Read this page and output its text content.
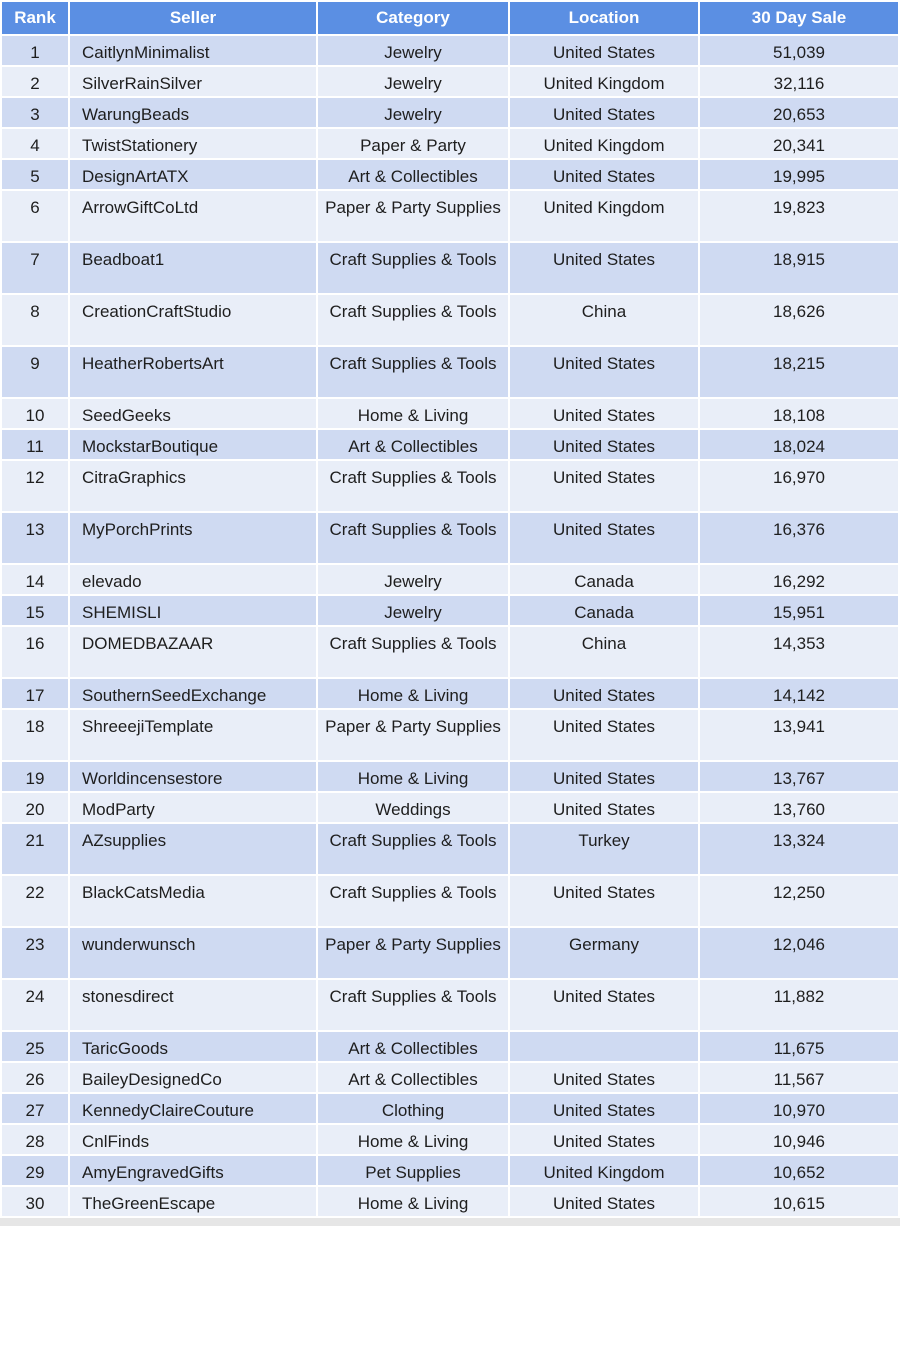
Rank	Seller	Category	Location	30 Day Sale
1	CaitlynMinimalist	Jewelry	United States	51,039
2	SilverRainSilver	Jewelry	United Kingdom	32,116
3	WarungBeads	Jewelry	United States	20,653
4	TwistStationery	Paper & Party	United Kingdom	20,341
5	DesignArtATX	Art & Collectibles	United States	19,995
6	ArrowGiftCoLtd	Paper & Party Supplies	United Kingdom	19,823
7	Beadboat1	Craft Supplies & Tools	United States	18,915
8	CreationCraftStudio	Craft Supplies & Tools	China	18,626
9	HeatherRobertsArt	Craft Supplies & Tools	United States	18,215
10	SeedGeeks	Home & Living	United States	18,108
11	MockstarBoutique	Art & Collectibles	United States	18,024
12	CitraGraphics	Craft Supplies & Tools	United States	16,970
13	MyPorchPrints	Craft Supplies & Tools	United States	16,376
14	elevado	Jewelry	Canada	16,292
15	SHEMISLI	Jewelry	Canada	15,951
16	DOMEDBAZAAR	Craft Supplies & Tools	China	14,353
17	SouthernSeedExchange	Home & Living	United States	14,142
18	ShreeejiTemplate	Paper & Party Supplies	United States	13,941
19	Worldincensestore	Home & Living	United States	13,767
20	ModParty	Weddings	United States	13,760
21	AZsupplies	Craft Supplies & Tools	Turkey	13,324
22	BlackCatsMedia	Craft Supplies & Tools	United States	12,250
23	wunderwunsch	Paper & Party Supplies	Germany	12,046
24	stonesdirect	Craft Supplies & Tools	United States	11,882
25	TaricGoods	Art & Collectibles		11,675
26	BaileyDesignedCo	Art & Collectibles	United States	11,567
27	KennedyClaireCouture	Clothing	United States	10,970
28	CnlFinds	Home & Living	United States	10,946
29	AmyEngravedGifts	Pet Supplies	United Kingdom	10,652
30	TheGreenEscape	Home & Living	United States	10,615
